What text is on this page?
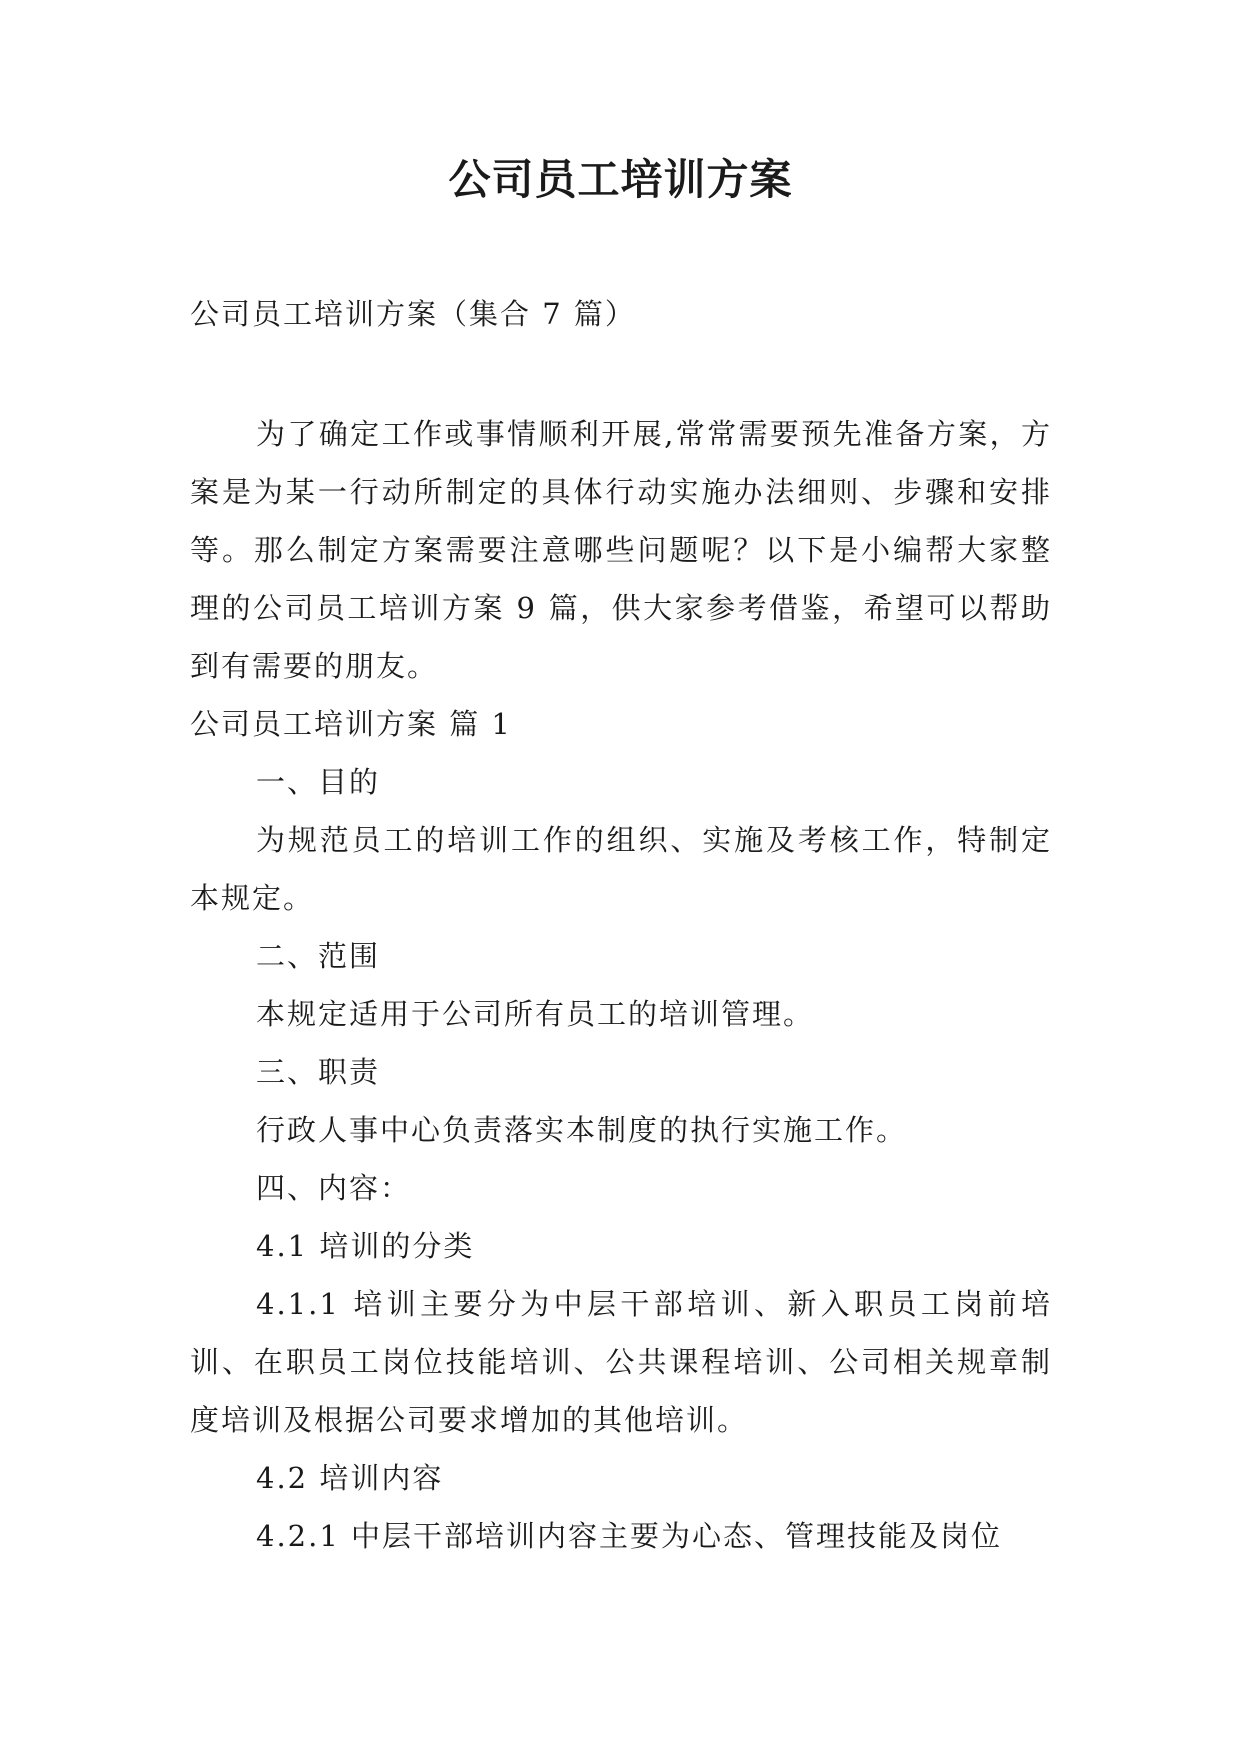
公司员工培训方案
公司员工培训方案（集合 7 篇）

为了确定工作或事情顺利开展,常常需要预先准备方案，方案是为某一行动所制定的具体行动实施办法细则、步骤和安排等。那么制定方案需要注意哪些问题呢？以下是小编帮大家整理的公司员工培训方案 9 篇，供大家参考借鉴，希望可以帮助到有需要的朋友。

公司员工培训方案 篇 1

一、目的

为规范员工的培训工作的组织、实施及考核工作，特制定本规定。

二、范围

本规定适用于公司所有员工的培训管理。

三、职责

行政人事中心负责落实本制度的执行实施工作。

四、内容：

4.1 培训的分类

4.1.1 培训主要分为中层干部培训、新入职员工岗前培训、在职员工岗位技能培训、公共课程培训、公司相关规章制度培训及根据公司要求增加的其他培训。

4.2 培训内容

4.2.1 中层干部培训内容主要为心态、管理技能及岗位
